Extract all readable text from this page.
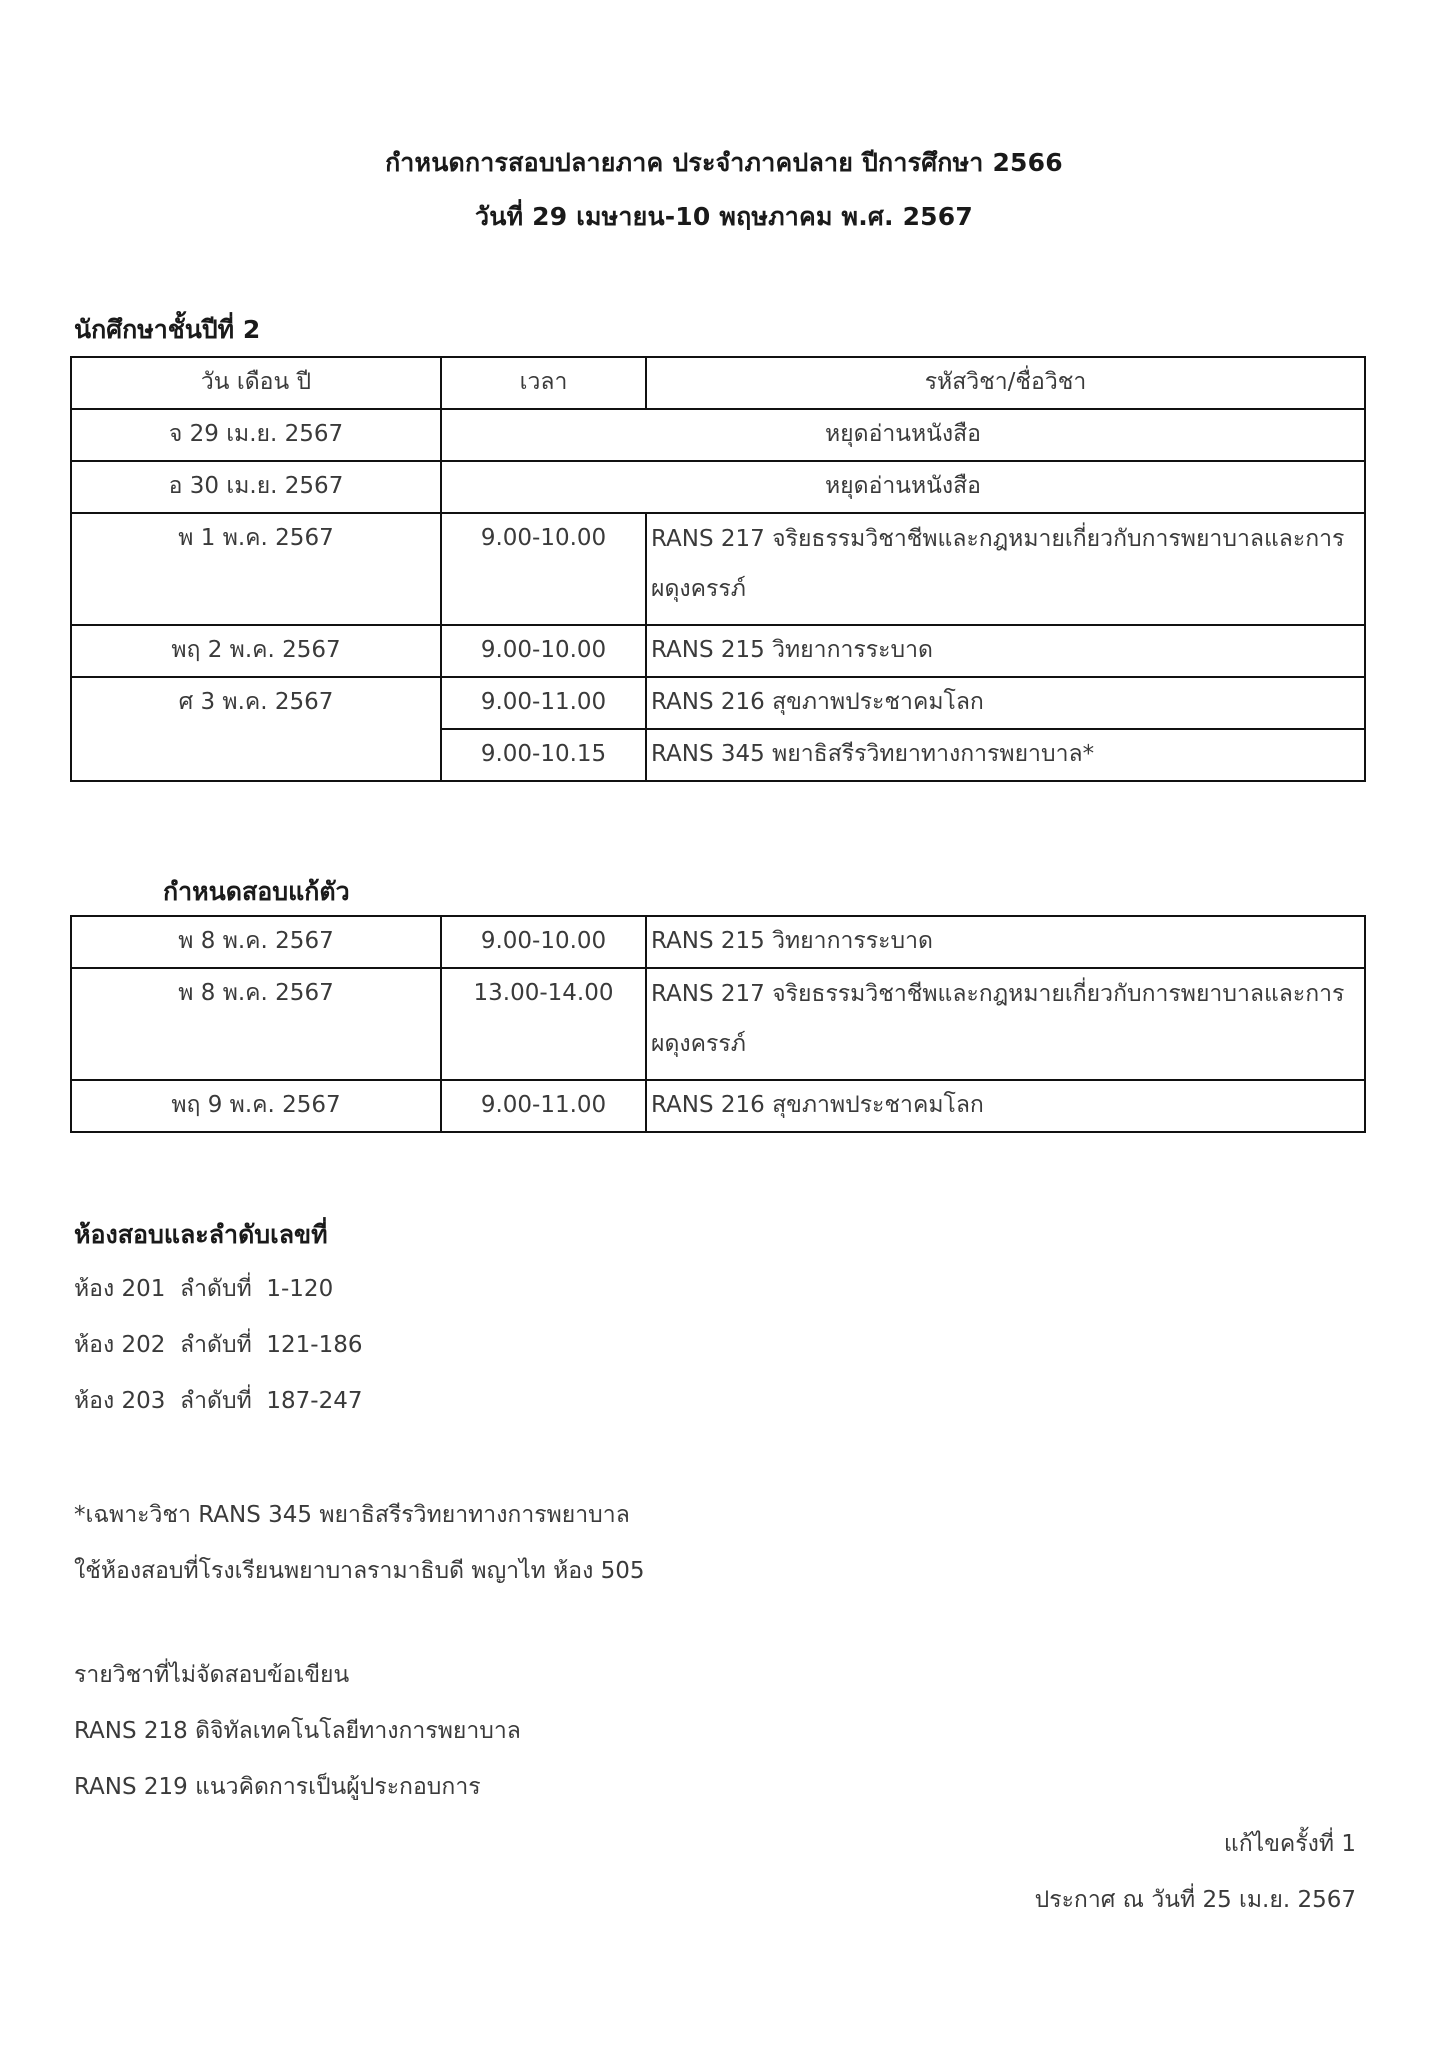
กำหนดการสอบปลายภาค ประจำภาคปลาย ปีการศึกษา 2566
วันที่ 29 เมษายน-10 พฤษภาคม พ.ศ. 2567
นักศึกษาชั้นปีที่ 2
วัน เดือน ปี	เวลา	รหัสวิชา/ชื่อวิชา
จ 29 เม.ย. 2567	หยุดอ่านหนังสือ	
อ 30 เม.ย. 2567	หยุดอ่านหนังสือ	
พ 1 พ.ค. 2567	9.00-10.00	RANS 217 จริยธรรมวิชาชีพและกฎหมายเกี่ยวกับการพยาบาลและการ
ผดุงครรภ์

พฤ 2 พ.ค. 2567	9.00-10.00	RANS 215 วิทยาการระบาด
ศ 3 พ.ค. 2567	9.00-11.00	RANS 216 สุขภาพประชาคมโลก
	9.00-10.15	RANS 345 พยาธิสรีรวิทยาทางการพยาบาล*
กำหนดสอบแก้ตัว
พ 8 พ.ค. 2567	9.00-10.00	RANS 215 วิทยาการระบาด
พ 8 พ.ค. 2567	13.00-14.00	RANS 217 จริยธรรมวิชาชีพและกฎหมายเกี่ยวกับการพยาบาลและการ
ผดุงครรภ์

พฤ 9 พ.ค. 2567	9.00-11.00	RANS 216 สุขภาพประชาคมโลก
ห้องสอบและลำดับเลขที่
ห้อง 201  ลำดับที่  1-120
ห้อง 202  ลำดับที่  121-186
ห้อง 203  ลำดับที่  187-247
*เฉพาะวิชา RANS 345 พยาธิสรีรวิทยาทางการพยาบาล
ใช้ห้องสอบที่โรงเรียนพยาบาลรามาธิบดี พญาไท ห้อง 505
รายวิชาที่ไม่จัดสอบข้อเขียน
RANS 218 ดิจิทัลเทคโนโลยีทางการพยาบาล
RANS 219 แนวคิดการเป็นผู้ประกอบการ
แก้ไขครั้งที่ 1
ประกาศ ณ วันที่ 25 เม.ย. 2567
